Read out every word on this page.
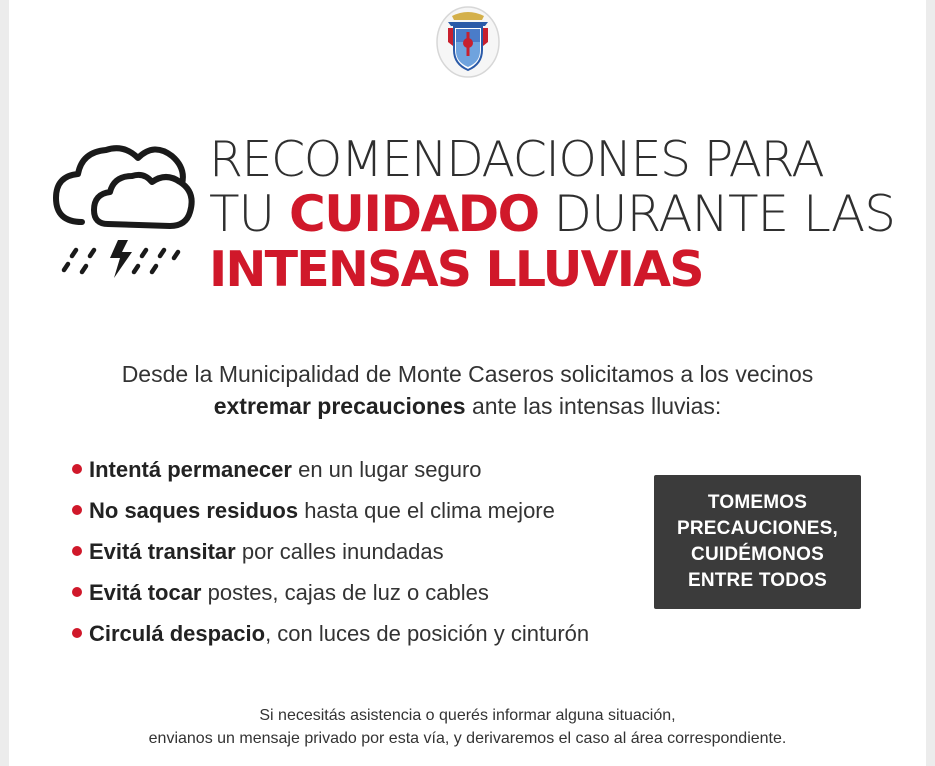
RECOMENDACIONES PARA
TU CUIDADO DURANTE LAS
INTENSAS LLUVIAS
Desde la Municipalidad de Monte Caseros solicitamos a los vecinos
extremar precauciones ante las intensas lluvias:
Intentá permanecer en un lugar seguro
No saques residuos hasta que el clima mejore
Evitá transitar por calles inundadas
Evitá tocar postes, cajas de luz o cables
Circulá despacio, con luces de posición y cinturón
TOMEMOS
PRECAUCIONES,
CUIDÉMONOS
ENTRE TODOS
Si necesitás asistencia o querés informar alguna situación,
envianos un mensaje privado por esta vía, y derivaremos el caso al área correspondiente.
